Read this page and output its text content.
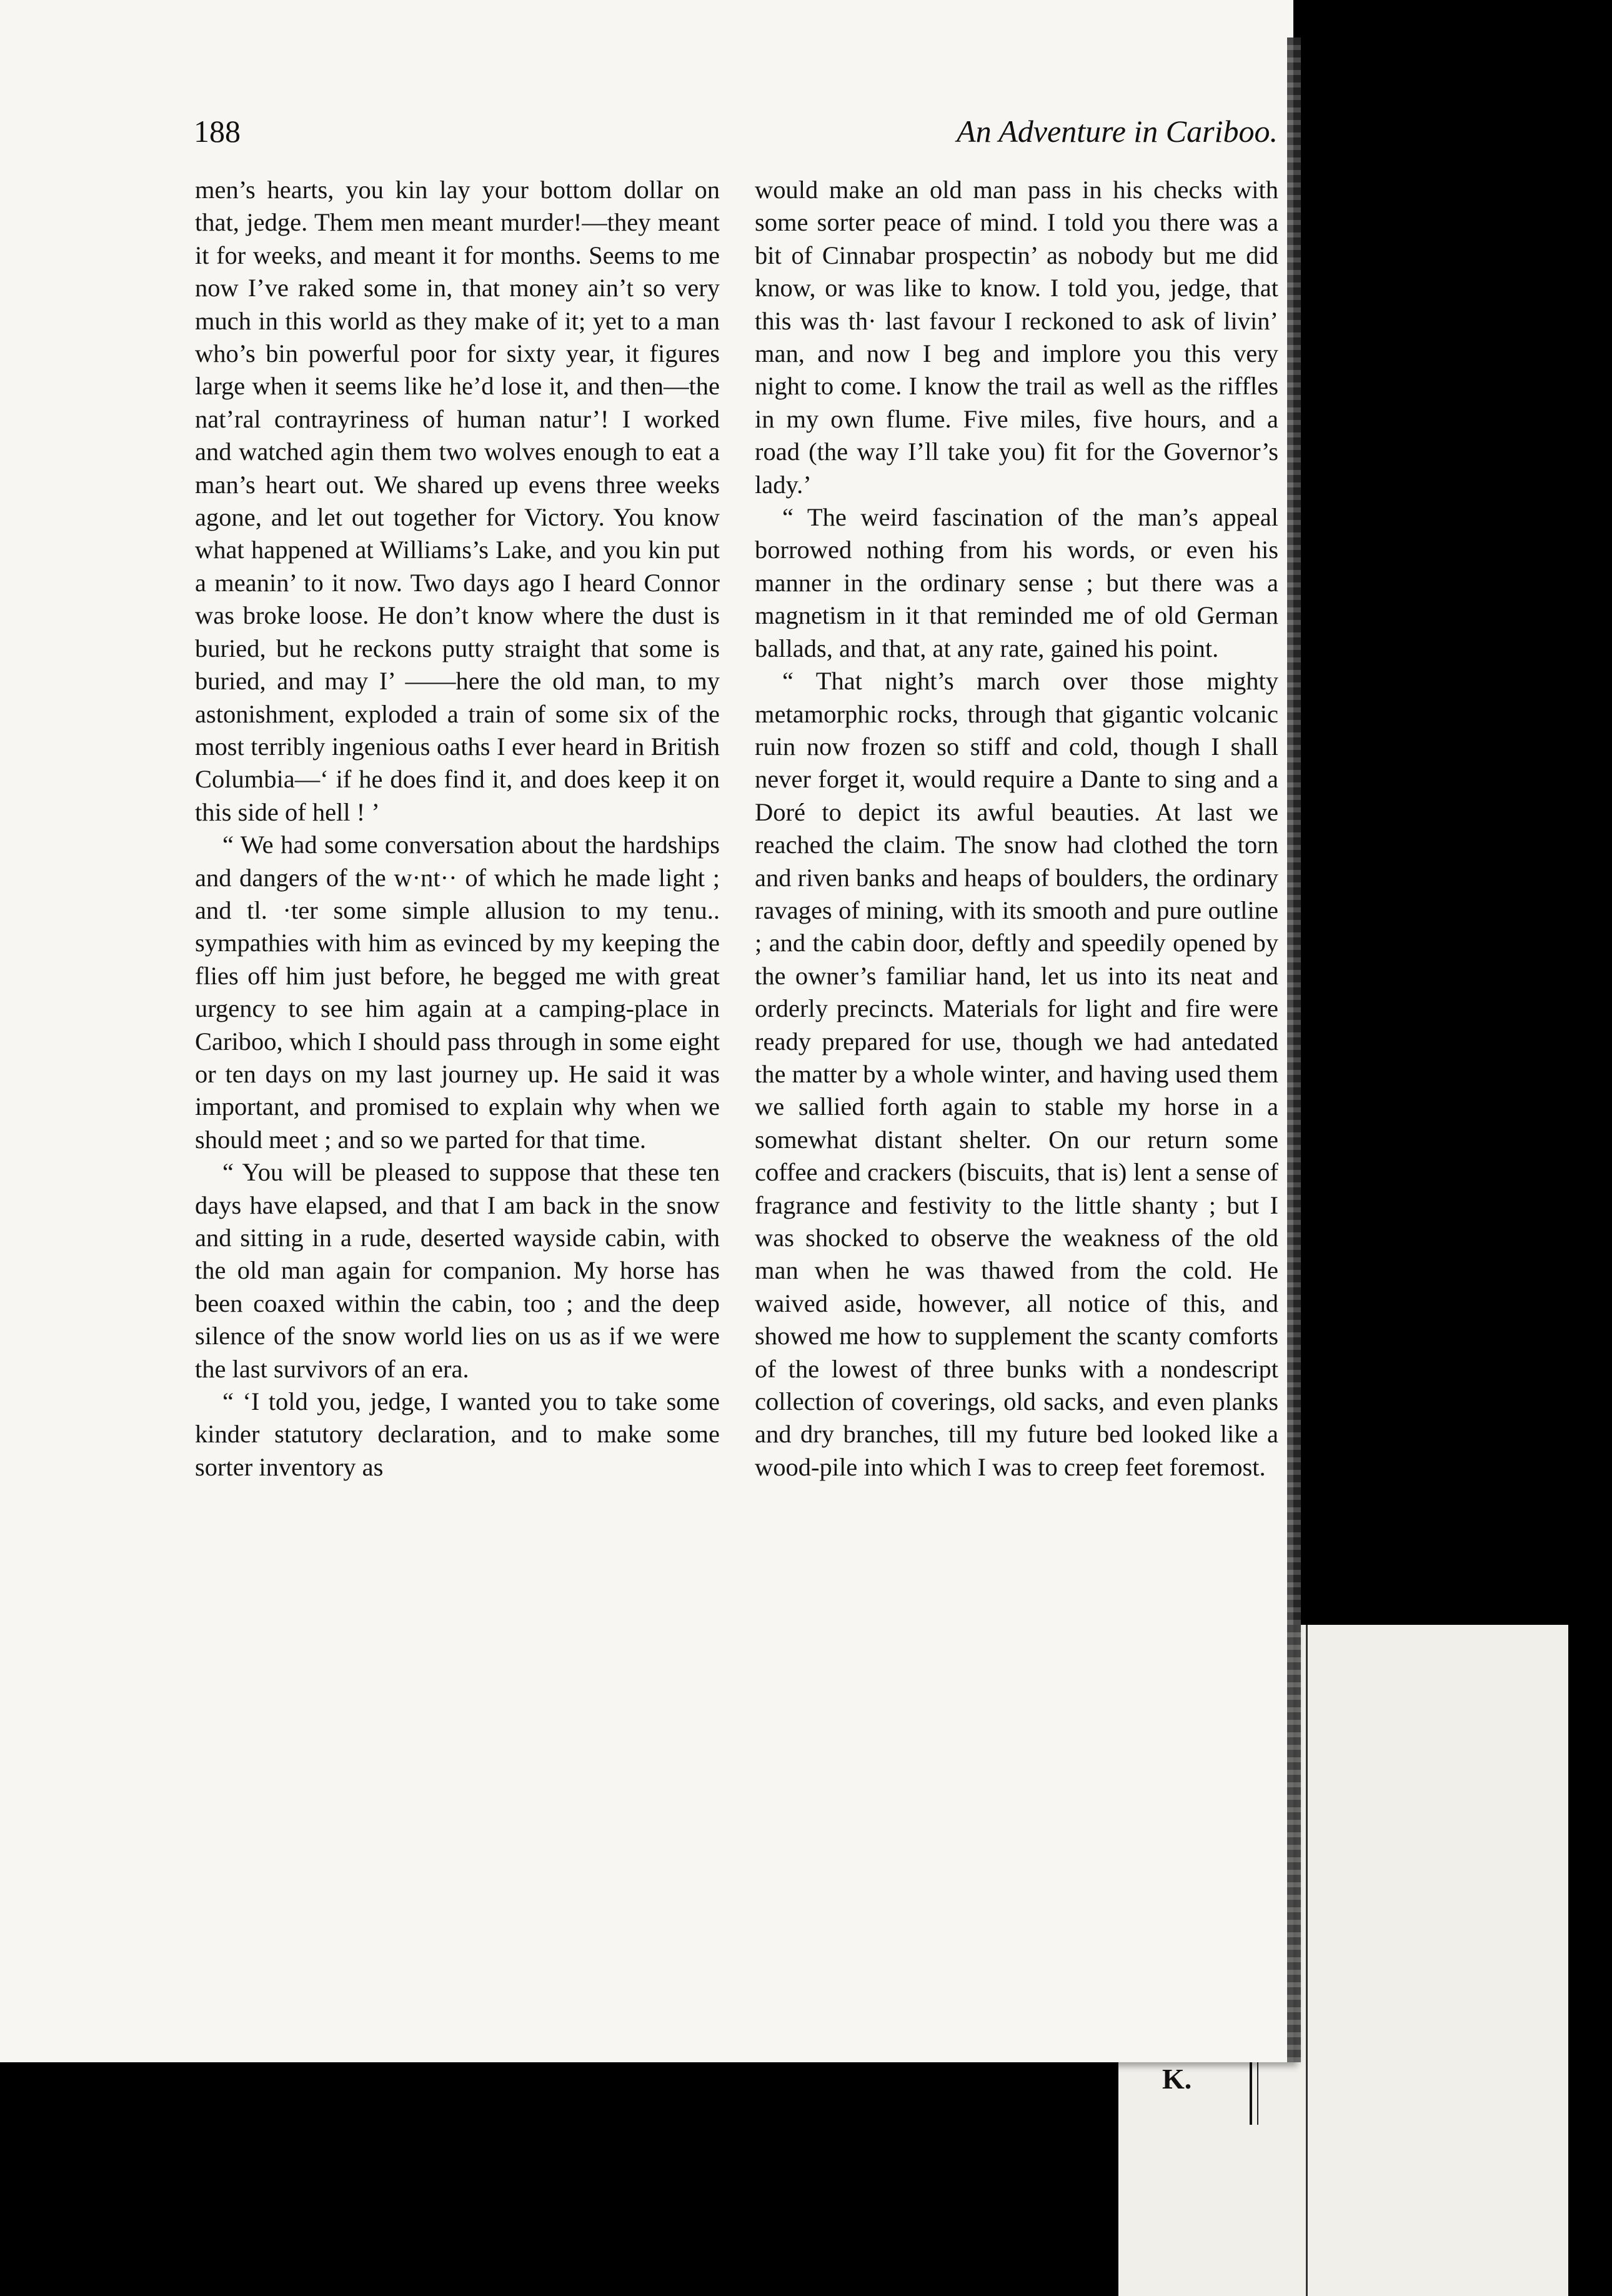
K.
188	An Adventure in Cariboo.

men’s hearts, you kin lay your bottom dollar on that, jedge. Them men meant murder!—they meant it for weeks, and meant it for months. Seems to me now I’ve raked some in, that money ain’t so very much in this world as they make of it; yet to a man who’s bin powerful poor for sixty year, it figures large when it seems like he’d lose it, and then—the nat’ral contrayriness of human natur’! I worked and watched agin them two wolves enough to eat a man’s heart out. We shared up evens three weeks agone, and let out together for Victory. You know what happened at Williams’s Lake, and you kin put a meanin’ to it now. Two days ago I heard Connor was broke loose. He don’t know where the dust is buried, but he reckons putty straight that some is buried, and may I’ ——here the old man, to my astonishment, exploded a train of some six of the most terribly ingenious oaths I ever heard in British Columbia—‘ if he does find it, and does keep it on this side of hell ! ’

“ We had some conversation about the hardships and dangers of the w·nt·· of which he made light ; and tl. ·ter some simple allusion to my tenu.. sympathies with him as evinced by my keeping the flies off him just before, he begged me with great urgency to see him again at a camping-place in Cariboo, which I should pass through in some eight or ten days on my last journey up. He said it was important, and promised to explain why when we should meet ; and so we parted for that time.

“ You will be pleased to suppose that these ten days have elapsed, and that I am back in the snow and sitting in a rude, deserted wayside cabin, with the old man again for companion. My horse has been coaxed within the cabin, too ; and the deep silence of the snow world lies on us as if we were the last survivors of an era.

“ ‘I told you, jedge, I wanted you to take some kinder statutory declaration, and to make some sorter inventory as

would make an old man pass in his checks with some sorter peace of mind. I told you there was a bit of Cinnabar prospectin’ as nobody but me did know, or was like to know. I told you, jedge, that this was th· last favour I reckoned to ask of livin’ man, and now I beg and implore you this very night to come. I know the trail as well as the riffles in my own flume. Five miles, five hours, and a road (the way I’ll take you) fit for the Governor’s lady.’

“ The weird fascination of the man’s appeal borrowed nothing from his words, or even his manner in the ordinary sense ; but there was a magnetism in it that reminded me of old German ballads, and that, at any rate, gained his point.

“ That night’s march over those mighty metamorphic rocks, through that gigantic volcanic ruin now frozen so stiff and cold, though I shall never forget it, would require a Dante to sing and a Doré to depict its awful beauties. At last we reached the claim. The snow had clothed the torn and riven banks and heaps of boulders, the ordinary ravages of mining, with its smooth and pure outline ; and the cabin door, deftly and speedily opened by the owner’s familiar hand, let us into its neat and orderly precincts. Materials for light and fire were ready prepared for use, though we had antedated the matter by a whole winter, and having used them we sallied forth again to stable my horse in a somewhat distant shelter. On our return some coffee and crackers (biscuits, that is) lent a sense of fragrance and festivity to the little shanty ; but I was shocked to observe the weakness of the old man when he was thawed from the cold. He waived aside, however, all notice of this, and showed me how to supplement the scanty comforts of the lowest of three bunks with a nondescript collection of coverings, old sacks, and even planks and dry branches, till my future bed looked like a wood-pile into which I was to creep feet foremost.
